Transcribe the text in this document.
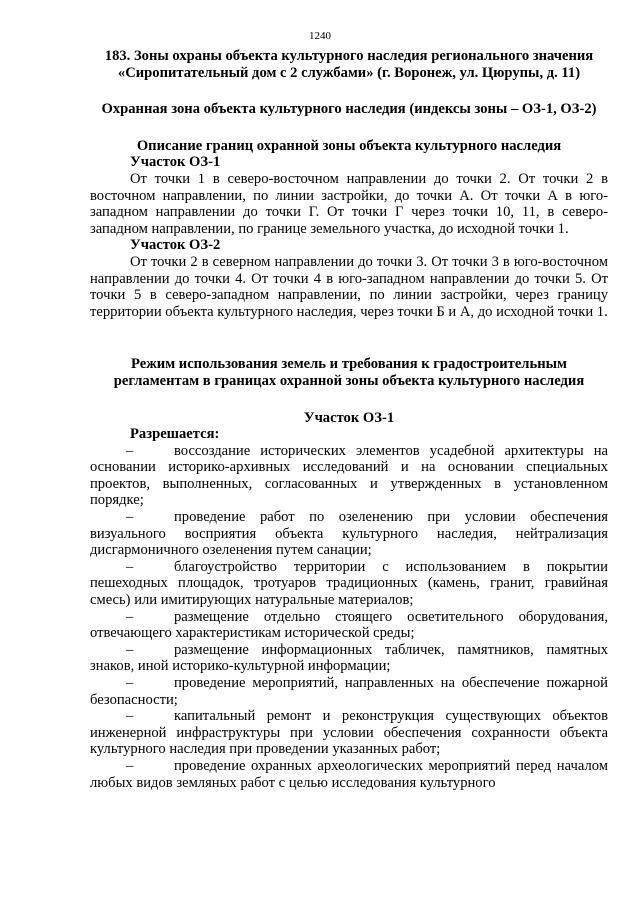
1240

183. Зоны охраны объекта культурного наследия регионального значения

«Сиропитательный дом с 2 службами» (г. Воронеж, ул. Цюрупы, д. 11)

Охранная зона объекта культурного наследия (индексы зоны – ОЗ-1, ОЗ-2)

Описание границ охранной зоны объекта культурного наследия

Участок ОЗ-1

От точки 1 в северо-восточном направлении до точки 2. От точки 2 в восточном направлении, по линии застройки, до точки А. От точки А в юго-западном направлении до точки Г. От точки Г через точки 10, 11, в северо-западном направлении, по границе земельного участка, до исходной точки 1.

Участок ОЗ-2

От точки 2 в северном направлении до точки 3. От точки 3 в юго-восточном направлении до точки 4. От точки 4 в юго-западном направлении до точки 5. От точки 5 в северо-западном направлении, по линии застройки, через границу территории объекта культурного наследия, через точки Б и А, до исходной точки 1.

Режим использования земель и требования к градостроительным

регламентам в границах охранной зоны объекта культурного наследия

Участок ОЗ-1

Разрешается:

–	воссоздание исторических элементов усадебной архитектуры на основании историко-архивных исследований и на основании специальных проектов, выполненных, согласованных и утвержденных в установленном порядке;

–	проведение работ по озеленению при условии обеспечения визуального восприятия объекта культурного наследия, нейтрализация дисгармоничного озеленения путем санации;

–	благоустройство территории с использованием в покрытии пешеходных площадок, тротуаров традиционных (камень, гранит, гравийная смесь) или имитирующих натуральные материалов;

–	размещение отдельно стоящего осветительного оборудования, отвечающего характеристикам исторической среды;

–	размещение информационных табличек, памятников, памятных знаков, иной историко-культурной информации;

–	проведение мероприятий, направленных на обеспечение пожарной безопасности;

–	капитальный ремонт и реконструкция существующих объектов инженерной инфраструктуры при условии обеспечения сохранности объекта культурного наследия при проведении указанных работ;

–	проведение охранных археологических мероприятий перед началом любых видов земляных работ с целью исследования культурного
